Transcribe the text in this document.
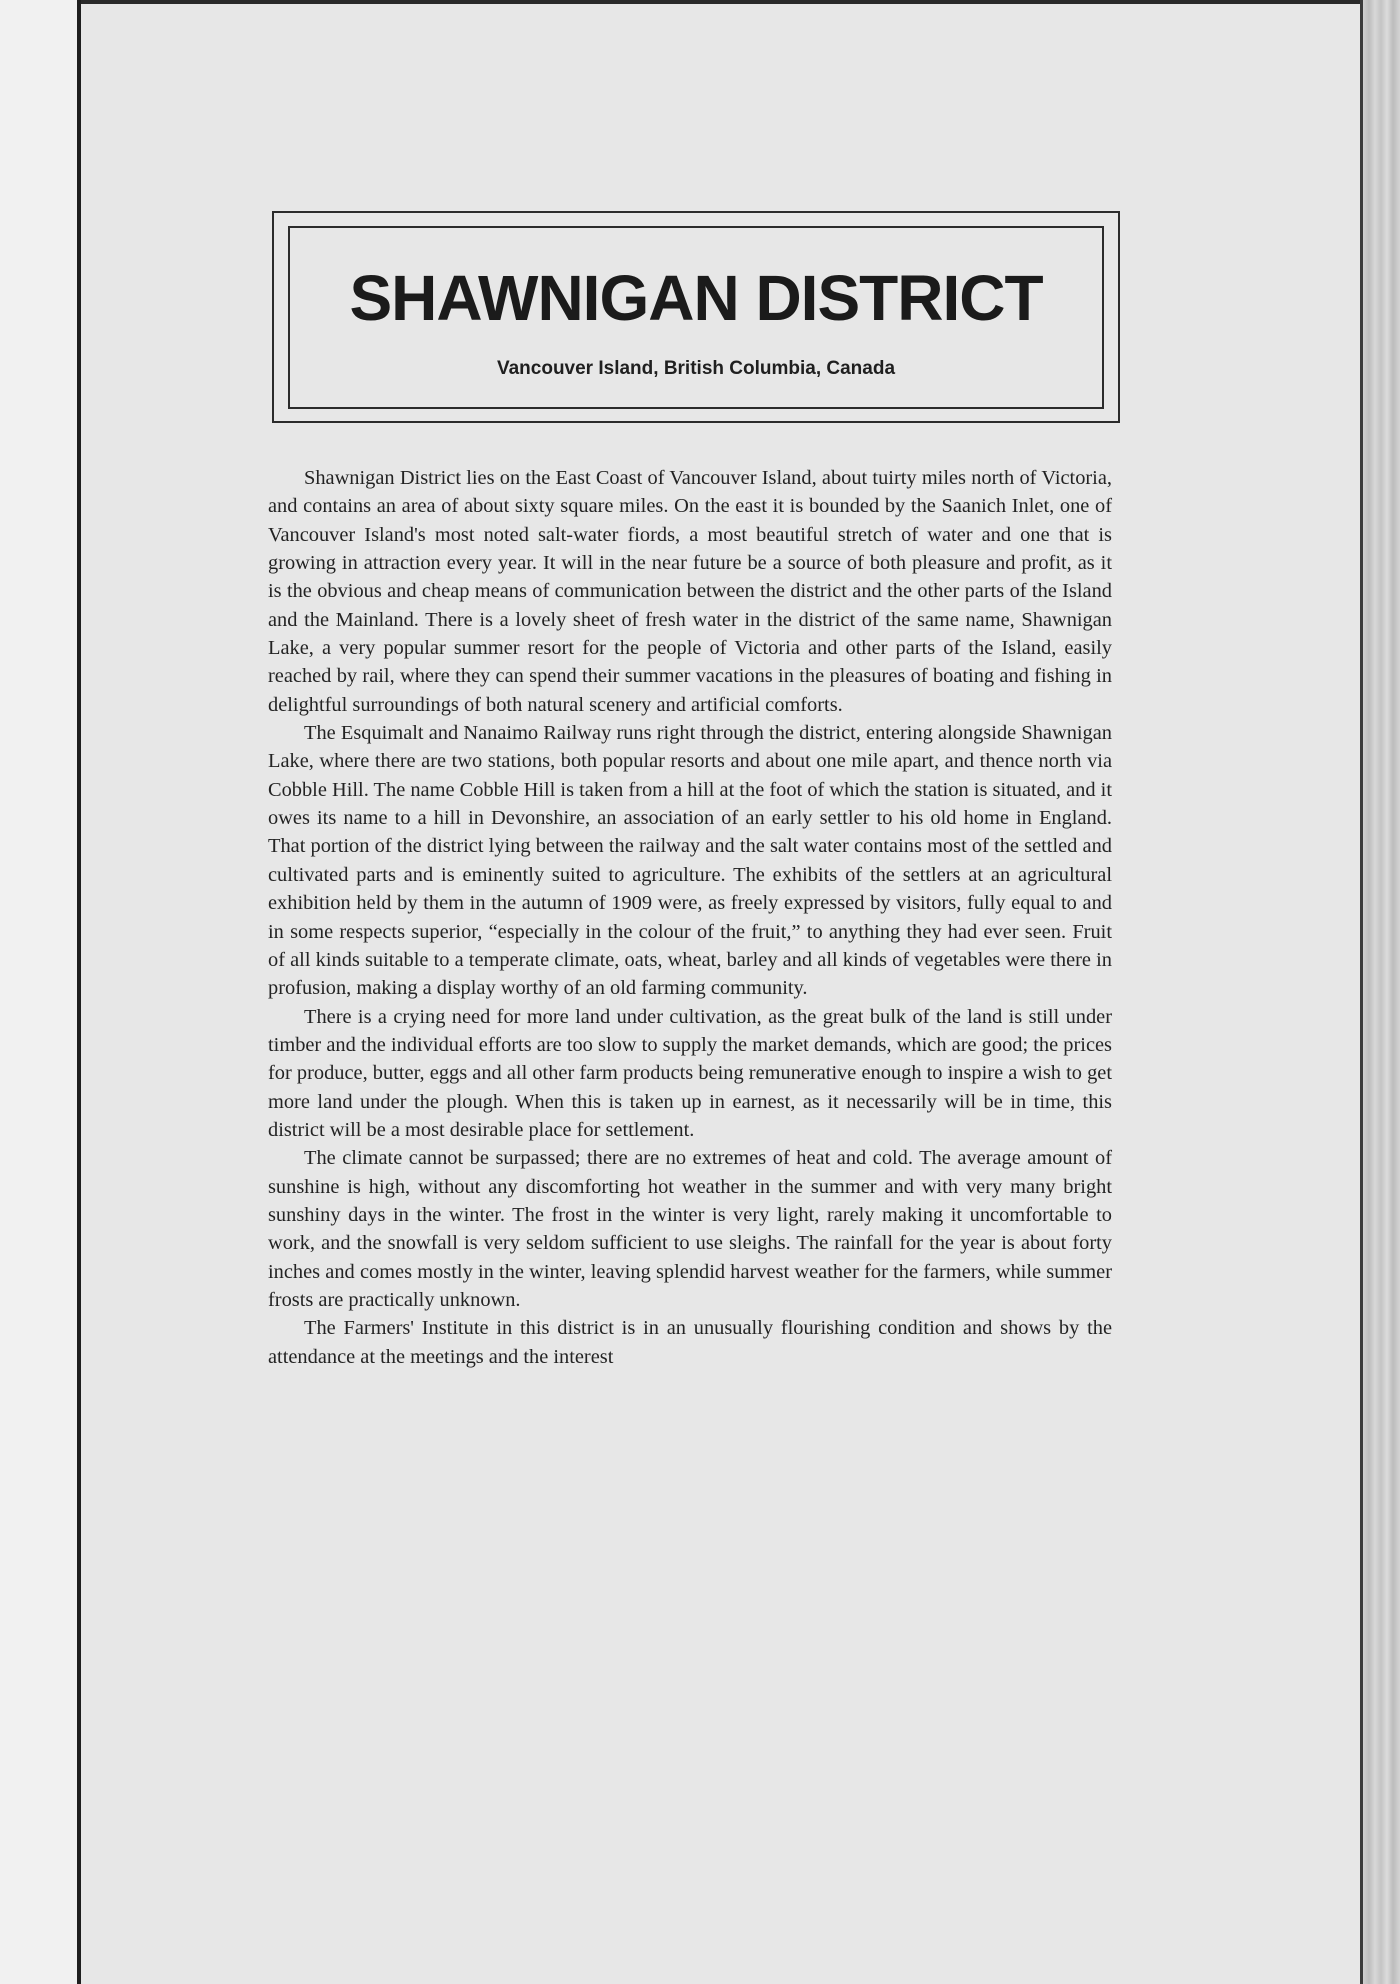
SHAWNIGAN DISTRICT
Vancouver Island, British Columbia, Canada

Shawnigan District lies on the East Coast of Vancouver Island, about tuirty miles north of Victoria, and contains an area of about sixty square miles. On the east it is bounded by the Saanich Inlet, one of Vancouver Island's most noted salt-water fiords, a most beautiful stretch of water and one that is growing in attraction every year. It will in the near future be a source of both pleasure and profit, as it is the obvious and cheap means of communication between the district and the other parts of the Island and the Mainland. There is a lovely sheet of fresh water in the district of the same name, Shawnigan Lake, a very popular summer resort for the people of Victoria and other parts of the Island, easily reached by rail, where they can spend their summer vacations in the pleasures of boating and fishing in delightful surroundings of both natural scenery and artificial comforts.

The Esquimalt and Nanaimo Railway runs right through the district, entering alongside Shawnigan Lake, where there are two stations, both popular resorts and about one mile apart, and thence north via Cobble Hill. The name Cobble Hill is taken from a hill at the foot of which the station is situated, and it owes its name to a hill in Devonshire, an association of an early settler to his old home in England. That portion of the district lying between the railway and the salt water contains most of the settled and cultivated parts and is eminently suited to agriculture. The exhibits of the settlers at an agricultural exhibition held by them in the autumn of 1909 were, as freely expressed by visitors, fully equal to and in some respects superior, “especially in the colour of the fruit,” to anything they had ever seen. Fruit of all kinds suitable to a temperate climate, oats, wheat, barley and all kinds of vegetables were there in profusion, making a display worthy of an old farming community.

There is a crying need for more land under cultivation, as the great bulk of the land is still under timber and the individual efforts are too slow to supply the market demands, which are good; the prices for produce, butter, eggs and all other farm products being remunerative enough to inspire a wish to get more land under the plough. When this is taken up in earnest, as it necessarily will be in time, this district will be a most desirable place for settlement.

The climate cannot be surpassed; there are no extremes of heat and cold. The average amount of sunshine is high, without any discomforting hot weather in the summer and with very many bright sunshiny days in the winter. The frost in the winter is very light, rarely making it uncomfortable to work, and the snowfall is very seldom sufficient to use sleighs. The rainfall for the year is about forty inches and comes mostly in the winter, leaving splendid harvest weather for the farmers, while summer frosts are practically unknown.

The Farmers' Institute in this district is in an unusually flourishing condition and shows by the attendance at the meetings and the interest
